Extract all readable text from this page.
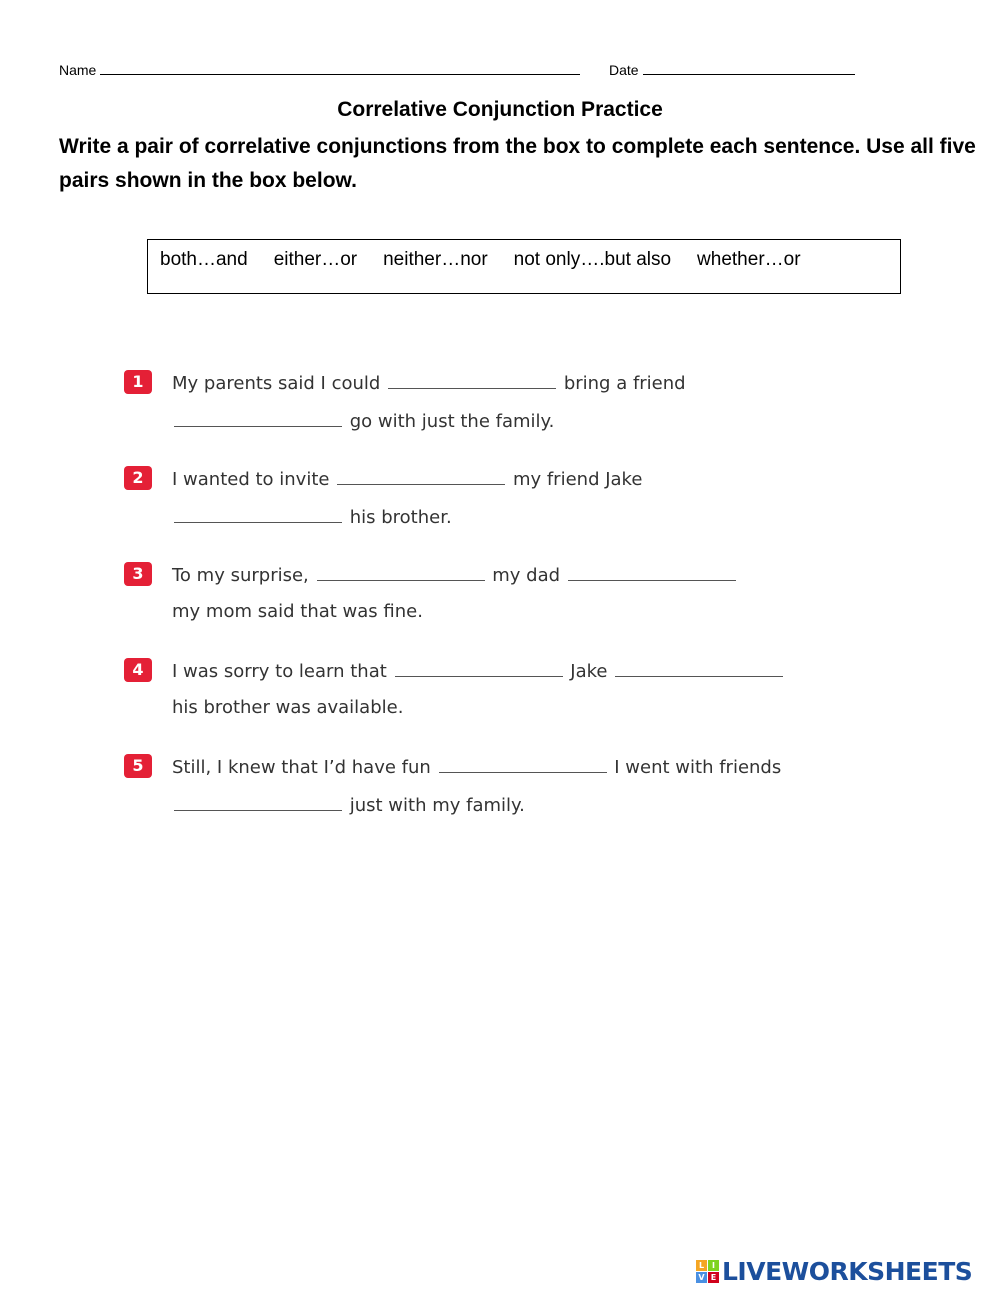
Name	Date
Correlative Conjunction Practice

Write a pair of correlative conjunctions from the box to complete each sentence. Use all five pairs shown in the box below.

both…and either…or neither…nor not only….but also whether…or
1	My parents said I could	bring a friend
go with just the family.
2	I wanted to invite	my friend Jake
his brother.
3	To my surprise,	my dad
my mom said that was fine.
4	I was sorry to learn that	Jake
his brother was available.
5	Still, I knew that I’d have fun	I went with friends
just with my family.
L I
V E LIVEWORKSHEETS
